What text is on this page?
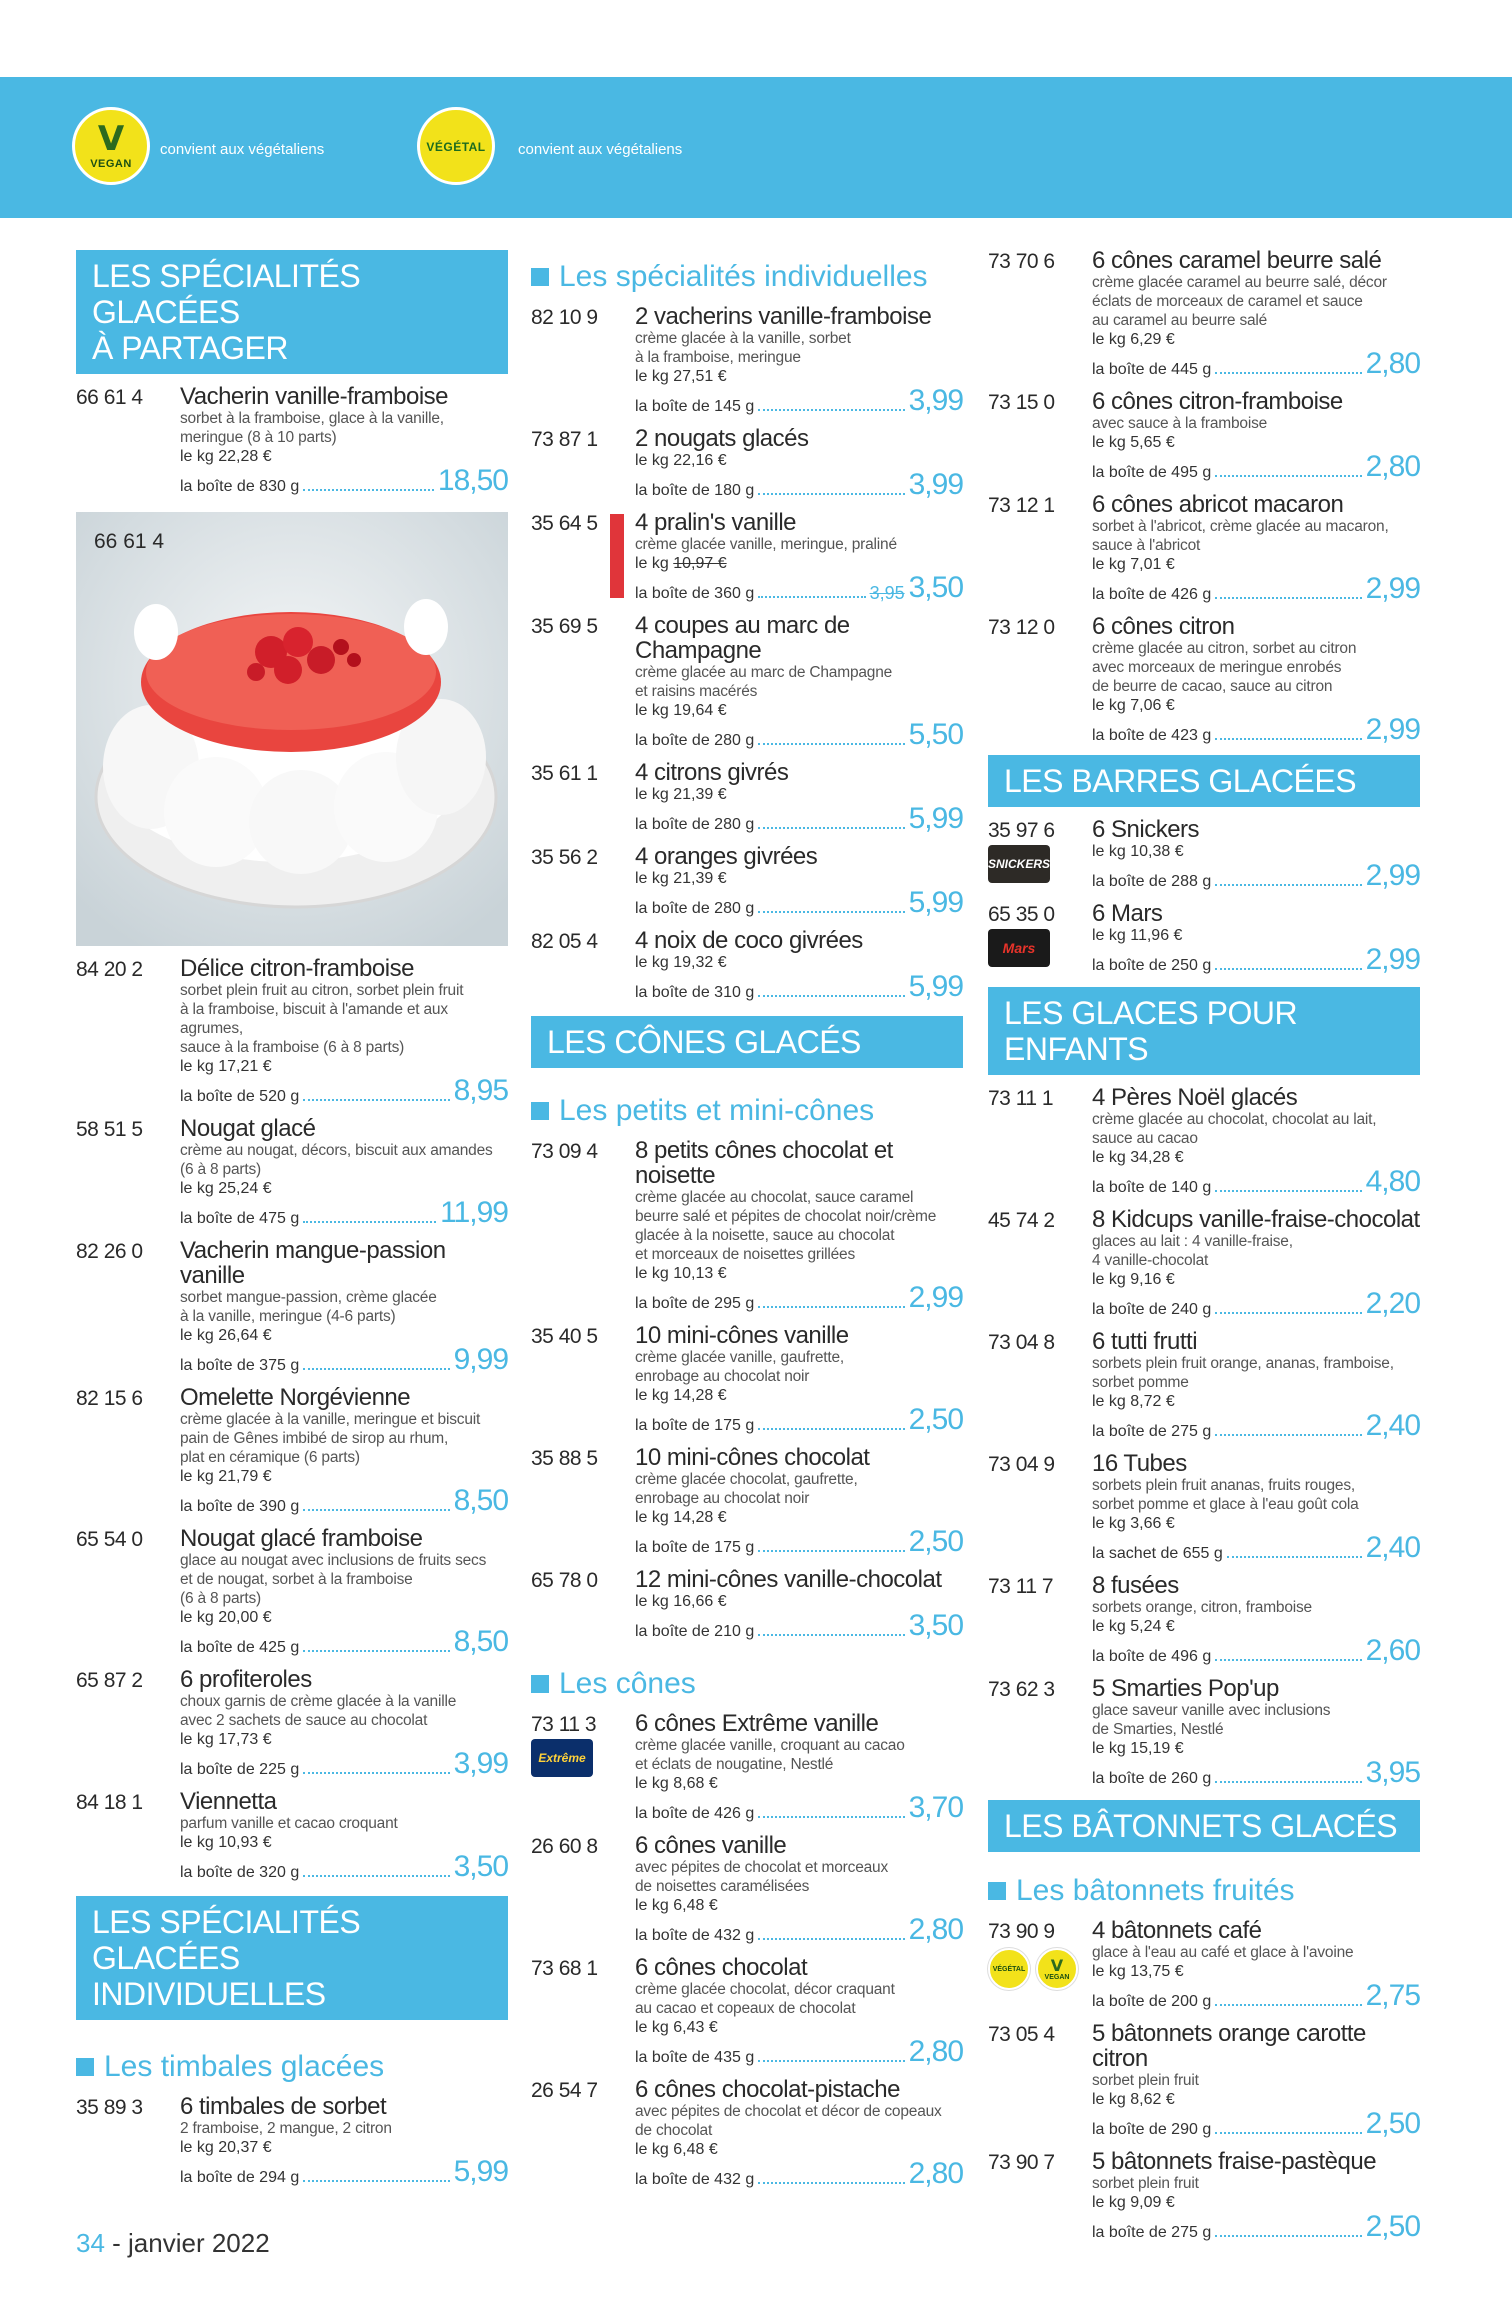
V
VEGAN
convient aux végétaliens	VÉGÉTAL convient aux végétaliens
LES SPÉCIALITÉS GLACÉES
À PARTAGER
66 61 4 Vacherin vanille-framboise
sorbet à la framboise, glace à la vanille,
meringue (8 à 10 parts)
le kg 22,28 €
la boîte de 830 g	18,50
66 61 4
84 20 2 Délice citron-framboise
sorbet plein fruit au citron, sorbet plein fruit
à la framboise, biscuit à l'amande et aux agrumes,
sauce à la framboise (6 à 8 parts)
le kg 17,21 €
la boîte de 520 g	8,95
58 51 5 Nougat glacé
crème au nougat, décors, biscuit aux amandes
(6 à 8 parts)
le kg 25,24 €
la boîte de 475 g	11,99
82 26 0 Vacherin mangue-passion vanille
sorbet mangue-passion, crème glacée
à la vanille, meringue (4-6 parts)
le kg 26,64 €
la boîte de 375 g	9,99
82 15 6 Omelette Norgévienne
crème glacée à la vanille, meringue et biscuit
pain de Gênes imbibé de sirop au rhum,
plat en céramique (6 parts)
le kg 21,79 €
la boîte de 390 g	8,50
65 54 0 Nougat glacé framboise
glace au nougat avec inclusions de fruits secs
et de nougat, sorbet à la framboise
(6 à 8 parts)
le kg 20,00 €
la boîte de 425 g	8,50
65 87 2 6 profiteroles
choux garnis de crème glacée à la vanille
avec 2 sachets de sauce au chocolat
le kg 17,73 €
la boîte de 225 g	3,99
84 18 1 Viennetta
parfum vanille et cacao croquant
le kg 10,93 €
la boîte de 320 g	3,50
LES SPÉCIALITÉS GLACÉES
INDIVIDUELLES
Les timbales glacées
35 89 3 6 timbales de sorbet
2 framboise, 2 mangue, 2 citron
le kg 20,37 €
la boîte de 294 g	5,99
Les spécialités individuelles
82 10 9 2 vacherins vanille-framboise
crème glacée à la vanille, sorbet
à la framboise, meringue
le kg 27,51 €
la boîte de 145 g	3,99
73 87 1 2 nougats glacés
le kg 22,16 €
la boîte de 180 g	3,99
35 64 5 4 pralin's vanille
crème glacée vanille, meringue, praliné
le kg 10,97 €
la boîte de 360 g	3,95 3,50
35 69 5 4 coupes au marc de Champagne
crème glacée au marc de Champagne
et raisins macérés
le kg 19,64 €
la boîte de 280 g	5,50
35 61 1 4 citrons givrés
le kg 21,39 €
la boîte de 280 g	5,99
35 56 2 4 oranges givrées
le kg 21,39 €
la boîte de 280 g	5,99
82 05 4 4 noix de coco givrées
le kg 19,32 €
la boîte de 310 g	5,99
LES CÔNES GLACÉS
Les petits et mini-cônes
73 09 4 8 petits cônes chocolat et noisette
crème glacée au chocolat, sauce caramel
beurre salé et pépites de chocolat noir/crème
glacée à la noisette, sauce au chocolat
et morceaux de noisettes grillées
le kg 10,13 €
la boîte de 295 g	2,99
35 40 5 10 mini-cônes vanille
crème glacée vanille, gaufrette,
enrobage au chocolat noir
le kg 14,28 €
la boîte de 175 g	2,50
35 88 5 10 mini-cônes chocolat
crème glacée chocolat, gaufrette,
enrobage au chocolat noir
le kg 14,28 €
la boîte de 175 g	2,50
65 78 0 12 mini-cônes vanille-chocolat
le kg 16,66 €
la boîte de 210 g	3,50
Les cônes
73 11 3
Extrême
6 cônes Extrême vanille
crème glacée vanille, croquant au cacao
et éclats de nougatine, Nestlé
le kg 8,68 €
la boîte de 426 g	3,70
26 60 8 6 cônes vanille
avec pépites de chocolat et morceaux
de noisettes caramélisées
le kg 6,48 €
la boîte de 432 g	2,80
73 68 1 6 cônes chocolat
crème glacée chocolat, décor craquant
au cacao et copeaux de chocolat
le kg 6,43 €
la boîte de 435 g	2,80
26 54 7 6 cônes chocolat-pistache
avec pépites de chocolat et décor de copeaux
de chocolat
le kg 6,48 €
la boîte de 432 g	2,80
73 70 6 6 cônes caramel beurre salé
crème glacée caramel au beurre salé, décor
éclats de morceaux de caramel et sauce
au caramel au beurre salé
le kg 6,29 €
la boîte de 445 g	2,80
73 15 0 6 cônes citron-framboise
avec sauce à la framboise
le kg 5,65 €
la boîte de 495 g	2,80
73 12 1 6 cônes abricot macaron
sorbet à l'abricot, crème glacée au macaron,
sauce à l'abricot
le kg 7,01 €
la boîte de 426 g	2,99
73 12 0 6 cônes citron
crème glacée au citron, sorbet au citron
avec morceaux de meringue enrobés
de beurre de cacao, sauce au citron
le kg 7,06 €
la boîte de 423 g	2,99
LES BARRES GLACÉES
35 97 6
SNICKERS
6 Snickers
le kg 10,38 €
la boîte de 288 g	2,99
65 35 0
Mars
6 Mars
le kg 11,96 €
la boîte de 250 g	2,99
LES GLACES POUR ENFANTS
73 11 1 4 Pères Noël glacés
crème glacée au chocolat, chocolat au lait,
sauce au cacao
le kg 34,28 €
la boîte de 140 g	4,80
45 74 2 8 Kidcups vanille-fraise-chocolat
glaces au lait : 4 vanille-fraise,
4 vanille-chocolat
le kg 9,16 €
la boîte de 240 g	2,20
73 04 8 6 tutti frutti
sorbets plein fruit orange, ananas, framboise,
sorbet pomme
le kg 8,72 €
la boîte de 275 g	2,40
73 04 9 16 Tubes
sorbets plein fruit ananas, fruits rouges,
sorbet pomme et glace à l'eau goût cola
le kg 3,66 €
la sachet de 655 g	2,40
73 11 7 8 fusées
sorbets orange, citron, framboise
le kg 5,24 €
la boîte de 496 g	2,60
73 62 3 5 Smarties Pop'up
glace saveur vanille avec inclusions
de Smarties, Nestlé
le kg 15,19 €
la boîte de 260 g	3,95
LES BÂTONNETS GLACÉS
Les bâtonnets fruités
73 90 9
VÉGÉTAL V
VEGAN
4 bâtonnets café
glace à l'eau au café et glace à l'avoine
le kg 13,75 €
la boîte de 200 g	2,75
73 05 4 5 bâtonnets orange carotte citron
sorbet plein fruit
le kg 8,62 €
la boîte de 290 g	2,50
73 90 7 5 bâtonnets fraise-pastèque
sorbet plein fruit
le kg 9,09 €
la boîte de 275 g	2,50
34 - janvier 2022
